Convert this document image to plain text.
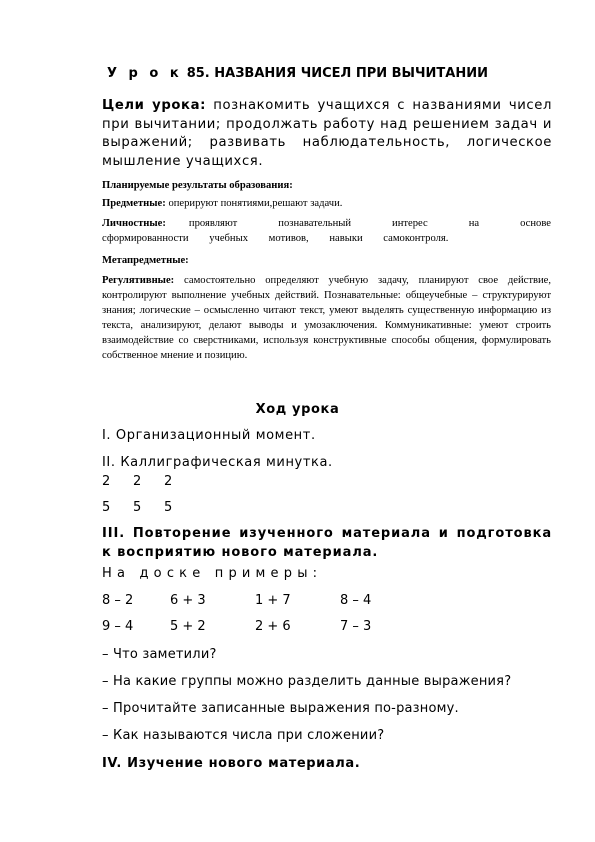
У р о к 85. НАЗВАНИЯ ЧИСЕЛ ПРИ ВЫЧИТАНИИ
Цели урока: познакомить учащихся с названиями чисел при вычитании; продолжать работу над решением задач и выражений; развивать наблюдательность, логическое мышление учащихся.
Планируемые результаты образования:
Предметные: оперируют понятиями,решают задачи.
Личностные: проявляют познавательный интерес на основе сформированности учебных мотивов, навыки самоконтроля.
Метапредметные:
Регулятивные: самостоятельно определяют учебную задачу, планируют свое действие, контролируют выполнение учебных действий. Познавательные: общеучебные – структурируют знания; логические – осмысленно читают текст, умеют выделять существенную информацию из текста, анализируют, делают выводы и умозаключения. Коммуникативные: умеют строить взаимодействие со сверстниками, используя конструктивные способы общения, формулировать собственное мнение и позицию.
Ход урока
I. Организационный момент.
II. Каллиграфическая минутка.
2 2 2
5 5 5
III. Повторение изученного материала и подготовка к восприятию нового материала.
На доске примеры:
8 – 2	6 + 3	1 + 7	8 – 4
9 – 4	5 + 2	2 + 6	7 – 3
– Что заметили?
– На какие группы можно разделить данные выражения?
– Прочитайте записанные выражения по-разному.
– Как называются числа при сложении?
IV. Изучение нового материала.
